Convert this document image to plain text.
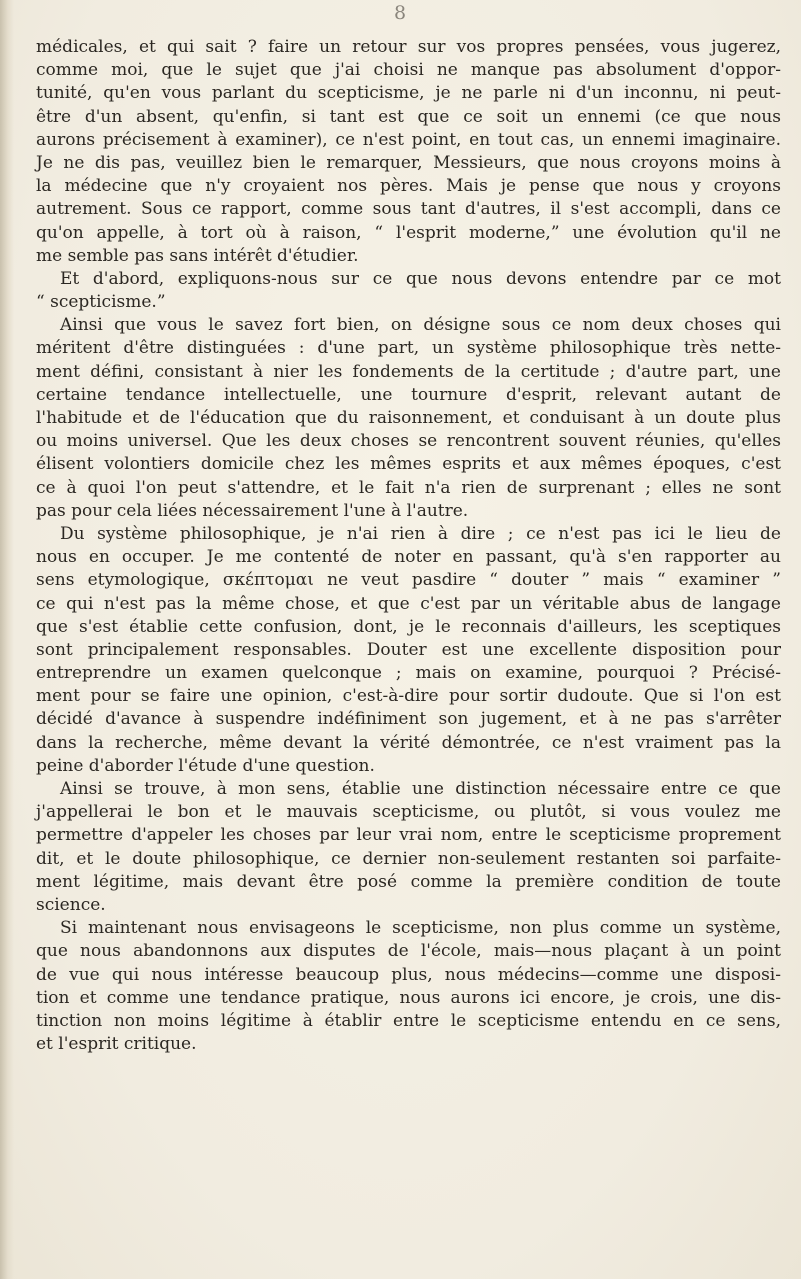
8
médicales, et qui sait ? faire un retour sur vos propres pensées, vous jugerez,
comme moi, que le sujet que j'ai choisi ne manque pas absolument d'oppor-
tunité, qu'en vous parlant du scepticisme, je ne parle ni d'un inconnu, ni peut-
être d'un absent, qu'enfin, si tant est que ce soit un ennemi (ce que nous
aurons précisement à examiner), ce n'est point, en tout cas, un ennemi imaginaire.
Je ne dis pas, veuillez bien le remarquer, Messieurs, que nous croyons moins à
la médecine que n'y croyaient nos pères. Mais je pense que nous y croyons
autrement. Sous ce rapport, comme sous tant d'autres, il s'est accompli, dans ce
qu'on appelle, à tort où à raison, “ l'esprit moderne,” une évolution qu'il ne
me semble pas sans intérêt d'étudier.
Et d'abord, expliquons-nous sur ce que nous devons entendre par ce mot
“ scepticisme.”
Ainsi que vous le savez fort bien, on désigne sous ce nom deux choses qui
méritent d'être distinguées : d'une part, un système philosophique très nette-
ment défini, consistant à nier les fondements de la certitude ; d'autre part, une
certaine tendance intellectuelle, une tournure d'esprit, relevant autant de
l'habitude et de l'éducation que du raisonnement, et conduisant à un doute plus
ou moins universel. Que les deux choses se rencontrent souvent réunies, qu'elles
élisent volontiers domicile chez les mêmes esprits et aux mêmes époques, c'est
ce à quoi l'on peut s'attendre, et le fait n'a rien de surprenant ; elles ne sont
pas pour cela liées nécessairement l'une à l'autre.
Du système philosophique, je n'ai rien à dire ; ce n'est pas ici le lieu de
nous en occuper. Je me contenté de noter en passant, qu'à s'en rapporter au
sens etymologique, σκέπτομαι ne veut pasdire “ douter ” mais “ examiner ”
ce qui n'est pas la même chose, et que c'est par un véritable abus de langage
que s'est établie cette confusion, dont, je le reconnais d'ailleurs, les sceptiques
sont principalement responsables. Douter est une excellente disposition pour
entreprendre un examen quelconque ; mais on examine, pourquoi ? Précisé-
ment pour se faire une opinion, c'est-à-dire pour sortir dudoute. Que si l'on est
décidé d'avance à suspendre indéfiniment son jugement, et à ne pas s'arrêter
dans la recherche, même devant la vérité démontrée, ce n'est vraiment pas la
peine d'aborder l'étude d'une question.
Ainsi se trouve, à mon sens, établie une distinction nécessaire entre ce que
j'appellerai le bon et le mauvais scepticisme, ou plutôt, si vous voulez me
permettre d'appeler les choses par leur vrai nom, entre le scepticisme proprement
dit, et le doute philosophique, ce dernier non-seulement restanten soi parfaite-
ment légitime, mais devant être posé comme la première condition de toute
science.
Si maintenant nous envisageons le scepticisme, non plus comme un système,
que nous abandonnons aux disputes de l'école, mais—nous plaçant à un point
de vue qui nous intéresse beaucoup plus, nous médecins—comme une disposi-
tion et comme une tendance pratique, nous aurons ici encore, je crois, une dis-
tinction non moins légitime à établir entre le scepticisme entendu en ce sens,
et l'esprit critique.
